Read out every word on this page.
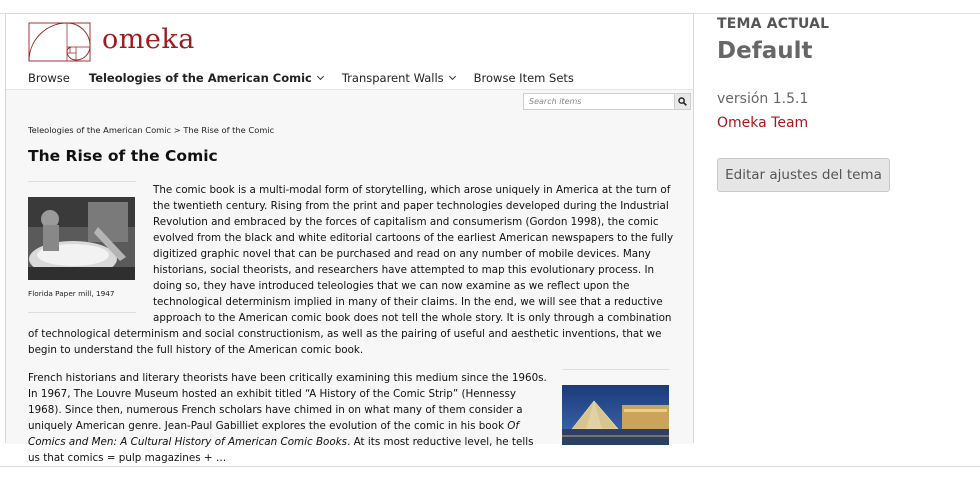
omeka
Browse Teleologies of the American Comic	Transparent Walls	Browse Item Sets
Search items
Teleologies of the American Comic > The Rise of the Comic
The Rise of the Comic
Florida Paper mill, 1947
The comic book is a multi-modal form of storytelling, which arose uniquely in America at the turn of the twentieth century. Rising from the print and paper technologies developed during the Industrial Revolution and embraced by the forces of capitalism and consumerism (Gordon 1998), the comic evolved from the black and white editorial cartoons of the earliest American newspapers to the fully digitized graphic novel that can be purchased and read on any number of mobile devices. Many historians, social theorists, and researchers have attempted to map this evolutionary process. In doing so, they have introduced teleologies that we can now examine as we reflect upon the technological determinism implied in many of their claims. In the end, we will see that a reductive approach to the American comic book does not tell the whole story. It is only through a combination of technological determinism and social constructionism, as well as the pairing of useful and aesthetic inventions, that we begin to understand the full history of the American comic book.
French historians and literary theorists have been critically examining this medium since the 1960s. In 1967, The Louvre Museum hosted an exhibit titled “A History of the Comic Strip” (Hennessy 1968). Since then, numerous French scholars have chimed in on what many of them consider a uniquely American genre. Jean-Paul Gabilliet explores the evolution of the comic in his book Of Comics and Men: A Cultural History of American Comic Books. At its most reductive level, he tells us that comics = pulp magazines + …
TEMA ACTUAL
Default
versión 1.5.1
Omeka Team
Editar ajustes del tema
